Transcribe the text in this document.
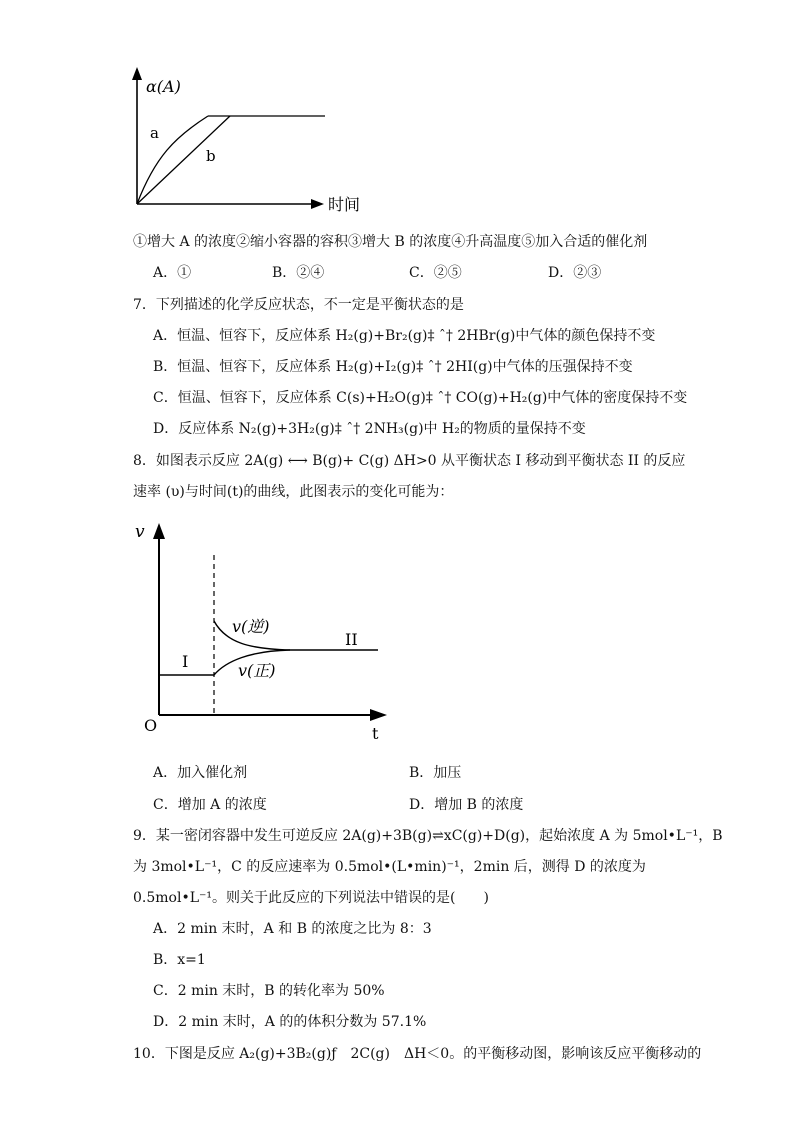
α(A)
a
b
时间
①增大 A 的浓度②缩小容器的容积③增大 B 的浓度④升高温度⑤加入合适的催化剂
A．①	B．②④	C．②⑤	D．②③
7．下列描述的化学反应状态，不一定是平衡状态的是
A．恒温、恒容下，反应体系 H₂(g)+Br₂(g)‡ ˆ† 2HBr(g)中气体的颜色保持不变
B．恒温、恒容下，反应体系 H₂(g)+I₂(g)‡ ˆ† 2HI(g)中气体的压强保持不变
C．恒温、恒容下，反应体系 C(s)+H₂O(g)‡ ˆ† CO(g)+H₂(g)中气体的密度保持不变
D．反应体系 N₂(g)+3H₂(g)‡ ˆ† 2NH₃(g)中 H₂的物质的量保持不变
8．如图表示反应 2A(g) ⟷ B(g)+ C(g) ΔH>0 从平衡状态 I 移动到平衡状态 II 的反应
速率 (υ)与时间(t)的曲线，此图表示的变化可能为：
v
t
O
I
II
v(逆)
v(正)
A．加入催化剂	B．加压
C．增加 A 的浓度	D．增加 B 的浓度
9．某一密闭容器中发生可逆反应 2A(g)+3B(g)⇌xC(g)+D(g)，起始浓度 A 为 5mol•L⁻¹，B
为 3mol•L⁻¹，C 的反应速率为 0.5mol•(L•min)⁻¹，2min 后，测得 D 的浓度为
0.5mol•L⁻¹。则关于此反应的下列说法中错误的是(　　)
A．2 min 末时，A 和 B 的浓度之比为 8：3
B．x=1
C．2 min 末时，B 的转化率为 50%
D．2 min 末时，A 的的体积分数为 57.1%
10．下图是反应 A₂(g)+3B₂(g)ƒ　2C(g)　ΔH＜0。的平衡移动图，影响该反应平衡移动的
